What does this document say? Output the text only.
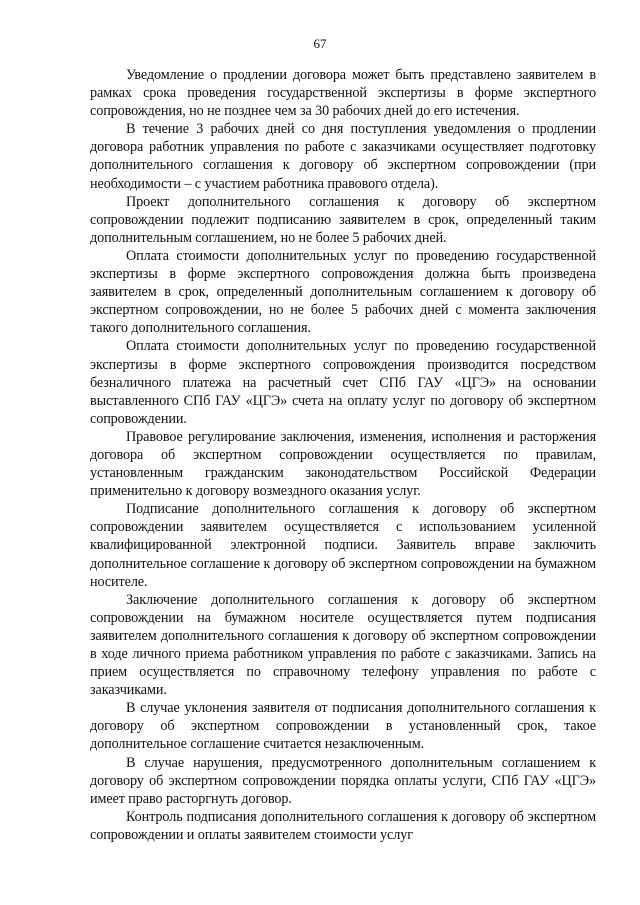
67

Уведомление о продлении договора может быть представлено заявителем в рамках срока проведения государственной экспертизы в форме экспертного сопровождения, но не позднее чем за 30 рабочих дней до его истечения.

В течение 3 рабочих дней со дня поступления уведомления о продлении договора работник управления по работе с заказчиками осуществляет подготовку дополнительного соглашения к договору об экспертном сопровождении (при необходимости – с участием работника правового отдела).

Проект дополнительного соглашения к договору об экспертном сопровождении подлежит подписанию заявителем в срок, определенный таким дополнительным соглашением, но не более 5 рабочих дней.

Оплата стоимости дополнительных услуг по проведению государственной экспертизы в форме экспертного сопровождения должна быть произведена заявителем в срок, определенный дополнительным соглашением к договору об экспертном сопровождении, но не более 5 рабочих дней с момента заключения такого дополнительного соглашения.

Оплата стоимости дополнительных услуг по проведению государственной экспертизы в форме экспертного сопровождения производится посредством безналичного платежа на расчетный счет СПб ГАУ «ЦГЭ» на основании выставленного СПб ГАУ «ЦГЭ» счета на оплату услуг по договору об экспертном сопровождении.

Правовое регулирование заключения, изменения, исполнения и расторжения договора об экспертном сопровождении осуществляется по правилам, установленным гражданским законодательством Российской Федерации применительно к договору возмездного оказания услуг.

Подписание дополнительного соглашения к договору об экспертном сопровождении заявителем осуществляется с использованием усиленной квалифицированной электронной подписи. Заявитель вправе заключить дополнительное соглашение к договору об экспертном сопровождении на бумажном носителе.

Заключение дополнительного соглашения к договору об экспертном сопровождении на бумажном носителе осуществляется путем подписания заявителем дополнительного соглашения к договору об экспертном сопровождении в ходе личного приема работником управления по работе с заказчиками. Запись на прием осуществляется по справочному телефону управления по работе с заказчиками.

В случае уклонения заявителя от подписания дополнительного соглашения к договору об экспертном сопровождении в установленный срок, такое дополнительное соглашение считается незаключенным.

В случае нарушения, предусмотренного дополнительным соглашением к договору об экспертном сопровождении порядка оплаты услуги, СПб ГАУ «ЦГЭ» имеет право расторгнуть договор.

Контроль подписания дополнительного соглашения к договору об экспертном сопровождении и оплаты заявителем стоимости услуг
